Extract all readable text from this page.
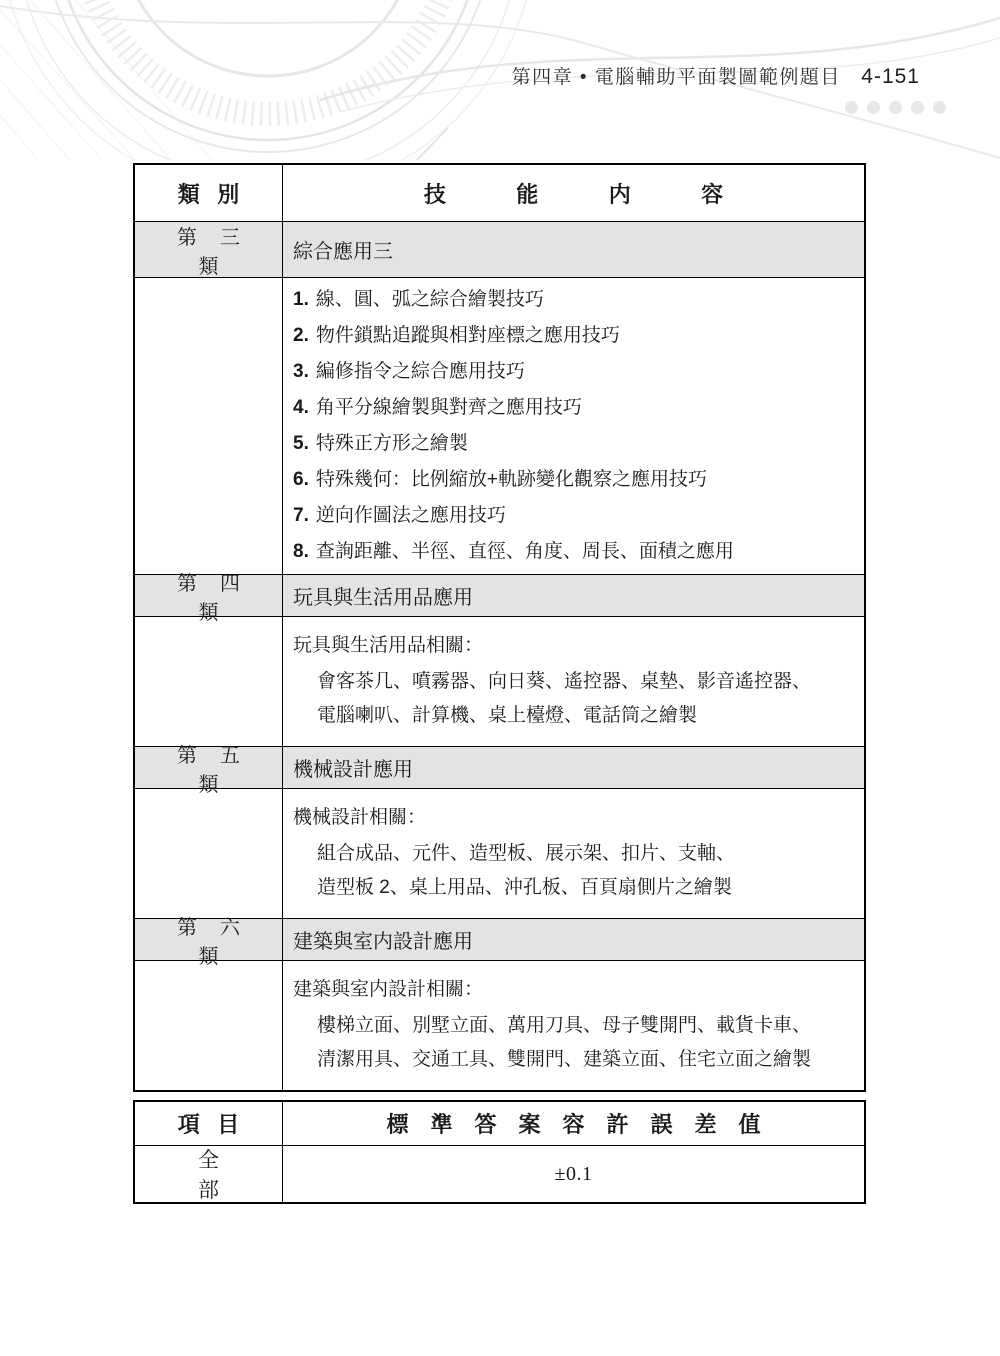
第四章 • 電腦輔助平面製圖範例題目 4-151
類別	技能内容
第三類
綜合應用三
1. 線、圓、弧之綜合繪製技巧
2. 物件鎖點追蹤與相對座標之應用技巧
3. 編修指令之綜合應用技巧
4. 角平分線繪製與對齊之應用技巧
5. 特殊正方形之繪製
6. 特殊幾何：比例縮放+軌跡變化觀察之應用技巧
7. 逆向作圖法之應用技巧
8. 查詢距離、半徑、直徑、角度、周長、面積之應用
第四類
玩具與生活用品應用
玩具與生活用品相關：
會客茶几、噴霧器、向日葵、遙控器、桌墊、影音遙控器、
電腦喇叭、計算機、桌上檯燈、電話筒之繪製
第五類
機械設計應用
機械設計相關：
組合成品、元件、造型板、展示架、扣片、支軸、
造型板 2、桌上用品、沖孔板、百頁扇側片之繪製
第六類
建築與室内設計應用
建築與室内設計相關：
樓梯立面、別墅立面、萬用刀具、母子雙開門、載貨卡車、
清潔用具、交通工具、雙開門、建築立面、住宅立面之繪製
項目	標準答案容許誤差值
全部
±0.1
